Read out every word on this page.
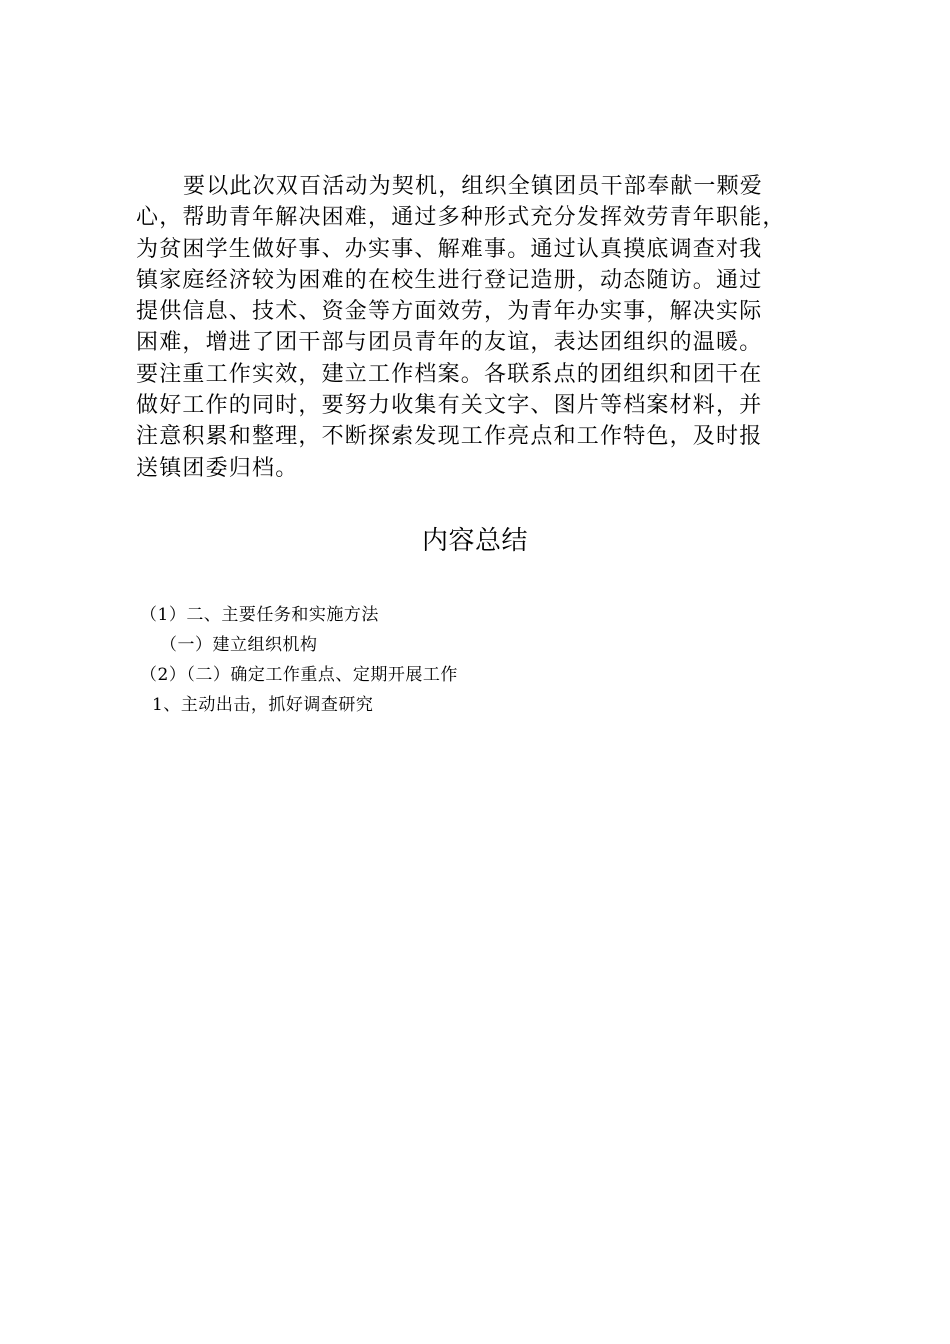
要以此次双百活动为契机，组织全镇团员干部奉献一颗爱
心，帮助青年解决困难，通过多种形式充分发挥效劳青年职能，
为贫困学生做好事、办实事、解难事。通过认真摸底调查对我
镇家庭经济较为困难的在校生进行登记造册，动态随访。通过
提供信息、技术、资金等方面效劳，为青年办实事，解决实际
困难，增进了团干部与团员青年的友谊，表达团组织的温暖。
要注重工作实效，建立工作档案。各联系点的团组织和团干在
做好工作的同时，要努力收集有关文字、图片等档案材料，并
注意积累和整理，不断探索发现工作亮点和工作特色，及时报
送镇团委归档。
内容总结
（1）二、主要任务和实施方法
（一）建立组织机构
（2）（二）确定工作重点、定期开展工作
1、主动出击，抓好调查研究
